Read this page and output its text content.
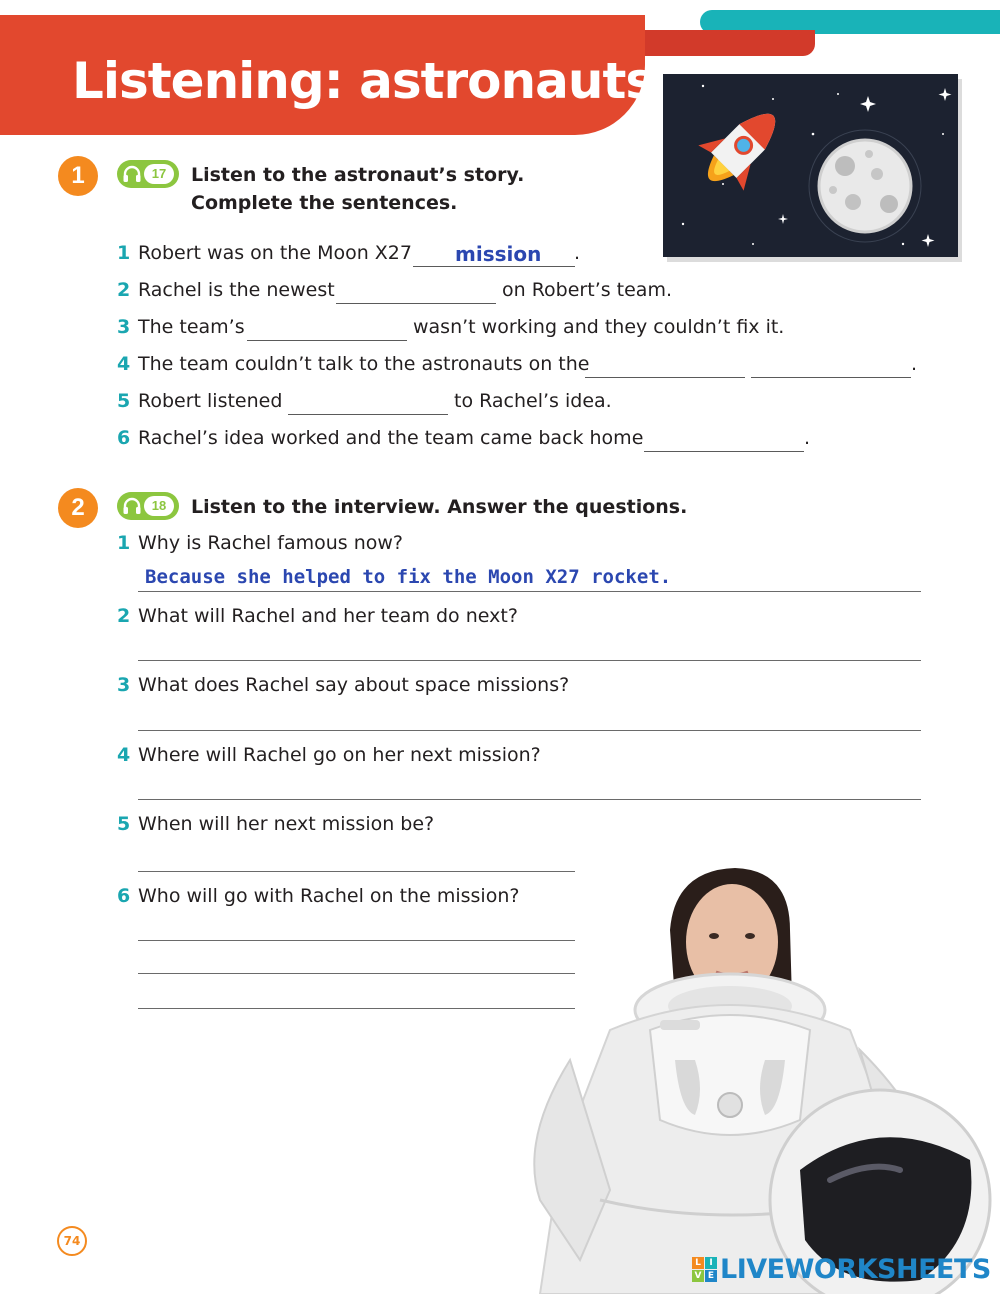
Listening: astronauts
1	17	Listen to the astronaut’s story.
Complete the sentences.
1 Robert was on the Moon X27 mission .
2 Rachel is the newest	on Robert’s team.
3 The team’s	wasn’t working and they couldn’t fix it.
4 The team couldn’t talk to the astronauts on the	.
5 Robert listened	to Rachel’s idea.
6 Rachel’s idea worked and the team came back home	.
2	18	Listen to the interview. Answer the questions.
1 Why is Rachel famous now?
Because she helped to fix the Moon X27 rocket.
2 What will Rachel and her team do next?
3 What does Rachel say about space missions?
4 Where will Rachel go on her next mission?
5 When will her next mission be?
6 Who will go with Rachel on the mission?
74
L I
V E LIVEWORKSHEETS
